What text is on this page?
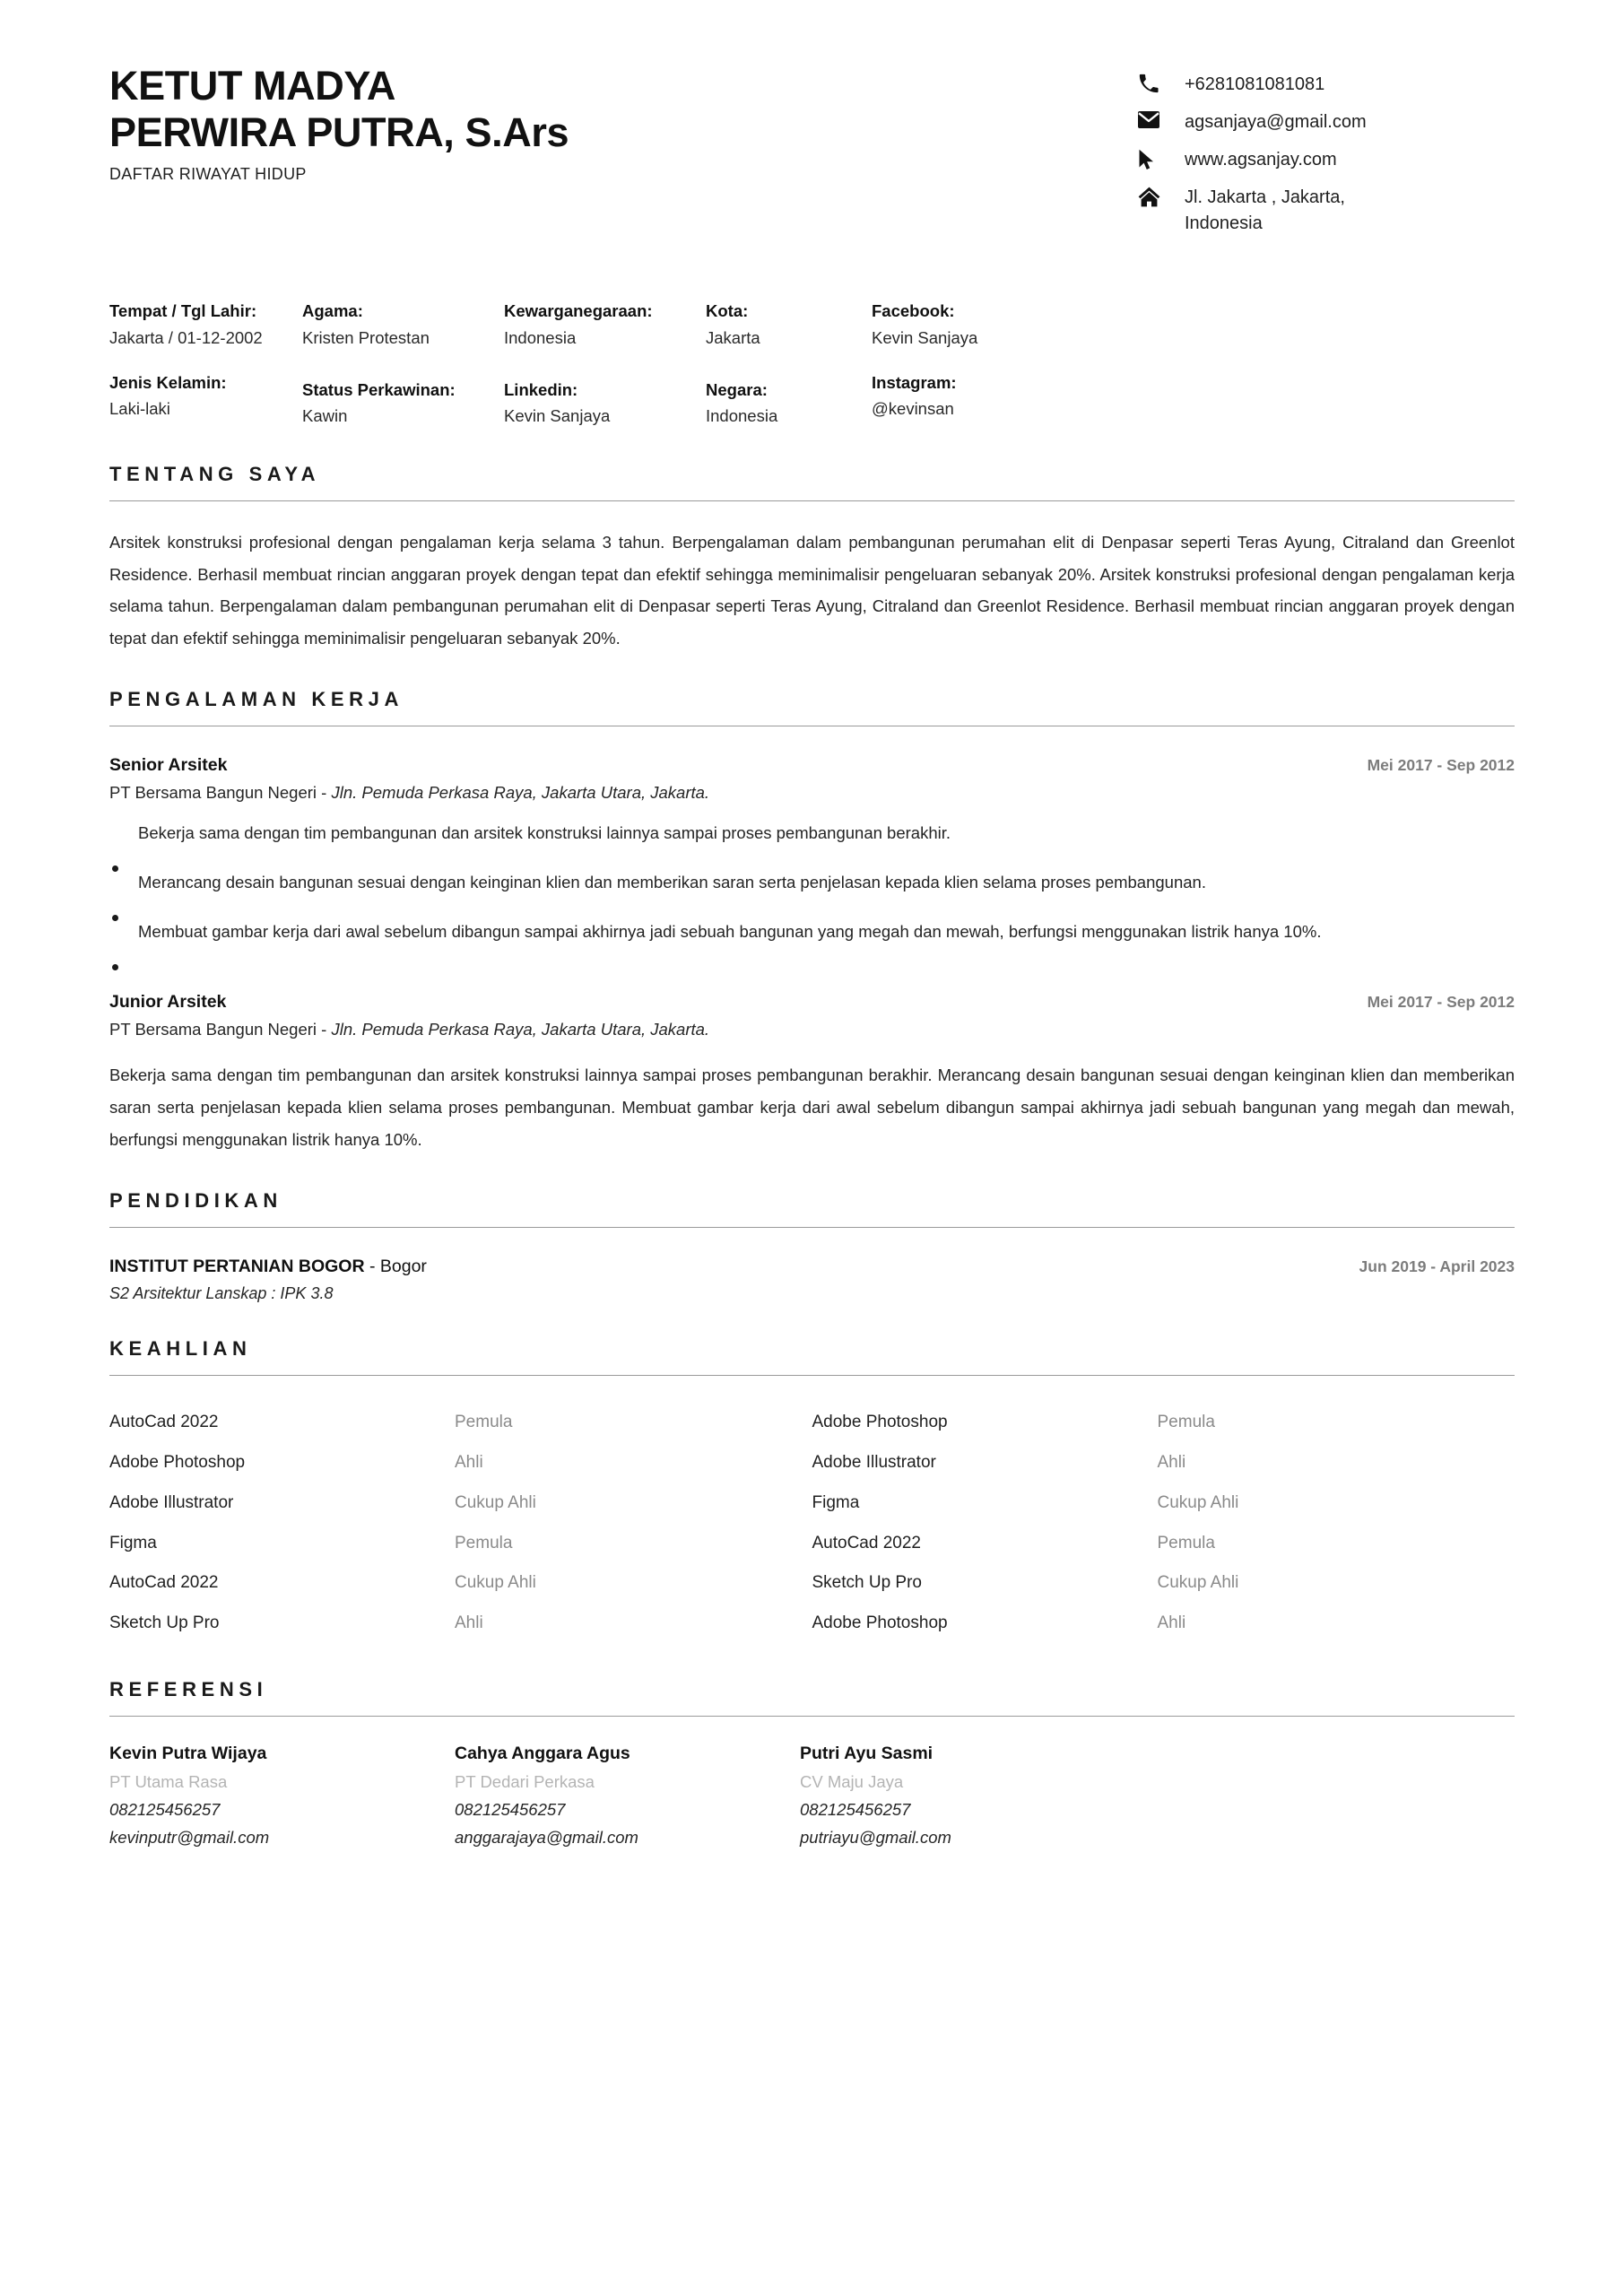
KETUT MADYA
PERWIRA PUTRA, S.Ars
DAFTAR RIWAYAT HIDUP
+6281081081081
agsanjaya@gmail.com
www.agsanjay.com
Jl. Jakarta , Jakarta,
Indonesia
Tempat / Tgl Lahir:
Jakarta / 01-12-2002
Agama:
Kristen Protestan
Kewarganegaraan:
Indonesia
Kota:
Jakarta
Facebook:
Kevin Sanjaya
Jenis Kelamin:
Laki-laki
Status Perkawinan:
Kawin
Linkedin:
Kevin Sanjaya
Negara:
Indonesia
Instagram:
@kevinsan
TENTANG SAYA
Arsitek konstruksi profesional dengan pengalaman kerja selama 3 tahun. Berpengalaman dalam pembangunan perumahan elit di Denpasar seperti Teras Ayung, Citraland dan Greenlot Residence. Berhasil membuat rincian anggaran proyek dengan tepat dan efektif sehingga meminimalisir pengeluaran sebanyak 20%. Arsitek konstruksi profesional dengan pengalaman kerja selama tahun. Berpengalaman dalam pembangunan perumahan elit di Denpasar seperti Teras Ayung, Citraland dan Greenlot Residence. Berhasil membuat rincian anggaran proyek dengan tepat dan efektif sehingga meminimalisir pengeluaran sebanyak 20%.
PENGALAMAN KERJA
Senior Arsitek	Mei 2017 - Sep 2012
PT Bersama Bangun Negeri - Jln. Pemuda Perkasa Raya, Jakarta Utara, Jakarta.
Bekerja sama dengan tim pembangunan dan arsitek konstruksi lainnya sampai proses pembangunan berakhir.
Merancang desain bangunan sesuai dengan keinginan klien dan memberikan saran serta penjelasan kepada klien selama proses pembangunan.
Membuat gambar kerja dari awal sebelum dibangun sampai akhirnya jadi sebuah bangunan yang megah dan mewah, berfungsi menggunakan listrik hanya 10%.
Junior Arsitek	Mei 2017 - Sep 2012
PT Bersama Bangun Negeri - Jln. Pemuda Perkasa Raya, Jakarta Utara, Jakarta.
Bekerja sama dengan tim pembangunan dan arsitek konstruksi lainnya sampai proses pembangunan berakhir. Merancang desain bangunan sesuai dengan keinginan klien dan memberikan saran serta penjelasan kepada klien selama proses pembangunan. Membuat gambar kerja dari awal sebelum dibangun sampai akhirnya jadi sebuah bangunan yang megah dan mewah, berfungsi menggunakan listrik hanya 10%.
PENDIDIKAN
INSTITUT PERTANIAN BOGOR - Bogor	Jun 2019 - April 2023
S2 Arsitektur Lanskap : IPK 3.8
KEAHLIAN
AutoCad 2022	Pemula
Adobe Photoshop	Ahli
Adobe Illustrator	Cukup Ahli
Figma	Pemula
AutoCad 2022	Cukup Ahli
Sketch Up Pro	Ahli
Adobe Photoshop	Pemula
Adobe Illustrator	Ahli
Figma	Cukup Ahli
AutoCad 2022	Pemula
Sketch Up Pro	Cukup Ahli
Adobe Photoshop	Ahli
REFERENSI
Kevin Putra Wijaya
PT Utama Rasa
082125456257
kevinputr@gmail.com
Cahya Anggara Agus
PT Dedari Perkasa
082125456257
anggarajaya@gmail.com
Putri Ayu Sasmi
CV Maju Jaya
082125456257
putriayu@gmail.com
